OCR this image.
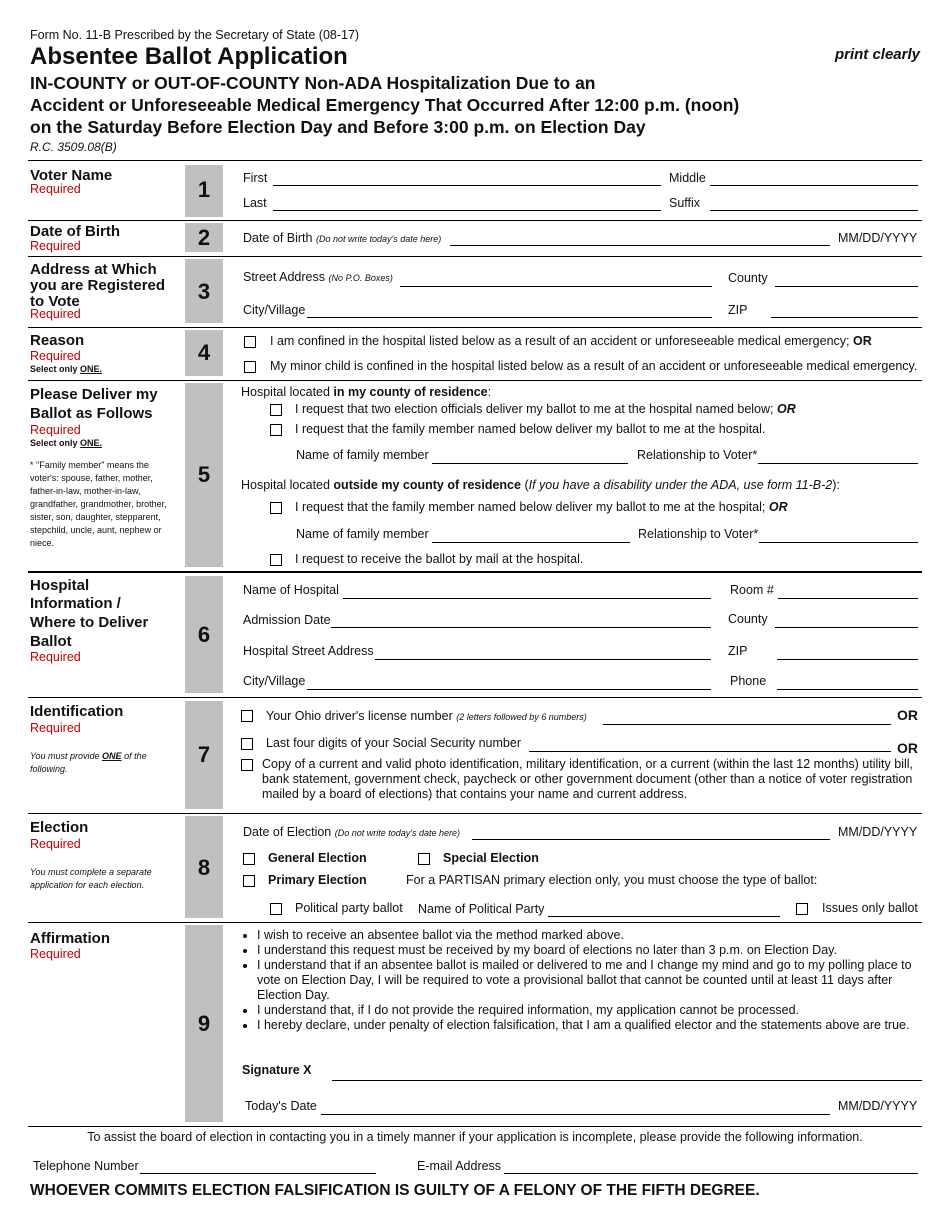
Form No. 11-B Prescribed by the Secretary of State (08-17)
Absentee Ballot Application	print clearly
IN-COUNTY or OUT-OF-COUNTY Non-ADA Hospitalization Due to an
Accident or Unforeseeable Medical Emergency That Occurred After 12:00 p.m. (noon)
on the Saturday Before Election Day and Before 3:00 p.m. on Election Day
R.C. 3509.08(B)
Voter Name
Required	1	First	Middle
Last	Suffix
Date of Birth
Required	2	Date of Birth (Do not write today's date here)	MM/DD/YYYY
Address at Which
you are Registered
to Vote
Required
3
Street Address (No P.O. Boxes)	County
City/Village	ZIP
Reason
Required
Select only ONE.
4	I am confined in the hospital listed below as a result of an accident or unforeseeable medical emergency; OR
My minor child is confined in the hospital listed below as a result of an accident or unforeseeable medical emergency.
Please Deliver my
Ballot as Follows
Required
Select only ONE.
* "Family member" means the voter's: spouse, father, mother, father-in-law, mother-in-law, grandfather, grandmother, brother, sister, son, daughter, stepparent, stepchild, uncle, aunt, nephew or niece.
5
Hospital located in my county of residence:
I request that two election officials deliver my ballot to me at the hospital named below; OR
I request that the family member named below deliver my ballot to me at the hospital.
Name of family member	Relationship to Voter*
Hospital located outside my county of residence (If you have a disability under the ADA, use form 11-B-2):
I request that the family member named below deliver my ballot to me at the hospital; OR
Name of family member	Relationship to Voter*
I request to receive the ballot by mail at the hospital.
Hospital
Information /
Where to Deliver
Ballot
Required
6
Name of Hospital	Room #
Admission Date	County
Hospital Street Address	ZIP
City/Village	Phone
Identification
Required
You must provide ONE of the following.
7
Your Ohio driver's license number (2 letters followed by 6 numbers)	OR
Last four digits of your Social Security number	OR
Copy of a current and valid photo identification, military identification, or a current (within the last 12 months) utility bill, bank statement, government check, paycheck or other government document (other than a notice of voter registration mailed by a board of elections) that contains your name and current address.
Election
Required
You must complete a separate application for each election.
8
Date of Election (Do not write today's date here)	MM/DD/YYYY
General Election	Special Election
Primary Election	For a PARTISAN primary election only, you must choose the type of ballot:
Political party ballot Name of Political Party	Issues only ballot
Affirmation
Required
9
• I wish to receive an absentee ballot via the method marked above.
• I understand this request must be received by my board of elections no later than 3 p.m. on Election Day.
• I understand that if an absentee ballot is mailed or delivered to me and I change my mind and go to my polling place to vote on Election Day, I will be required to vote a provisional ballot that cannot be counted until at least 11 days after Election Day.
• I understand that, if I do not provide the required information, my application cannot be processed.
• I hereby declare, under penalty of election falsification, that I am a qualified elector and the statements above are true.
Signature X
Today's Date	MM/DD/YYYY
To assist the board of election in contacting you in a timely manner if your application is incomplete, please provide the following information.
Telephone Number	E-mail Address
WHOEVER COMMITS ELECTION FALSIFICATION IS GUILTY OF A FELONY OF THE FIFTH DEGREE.
